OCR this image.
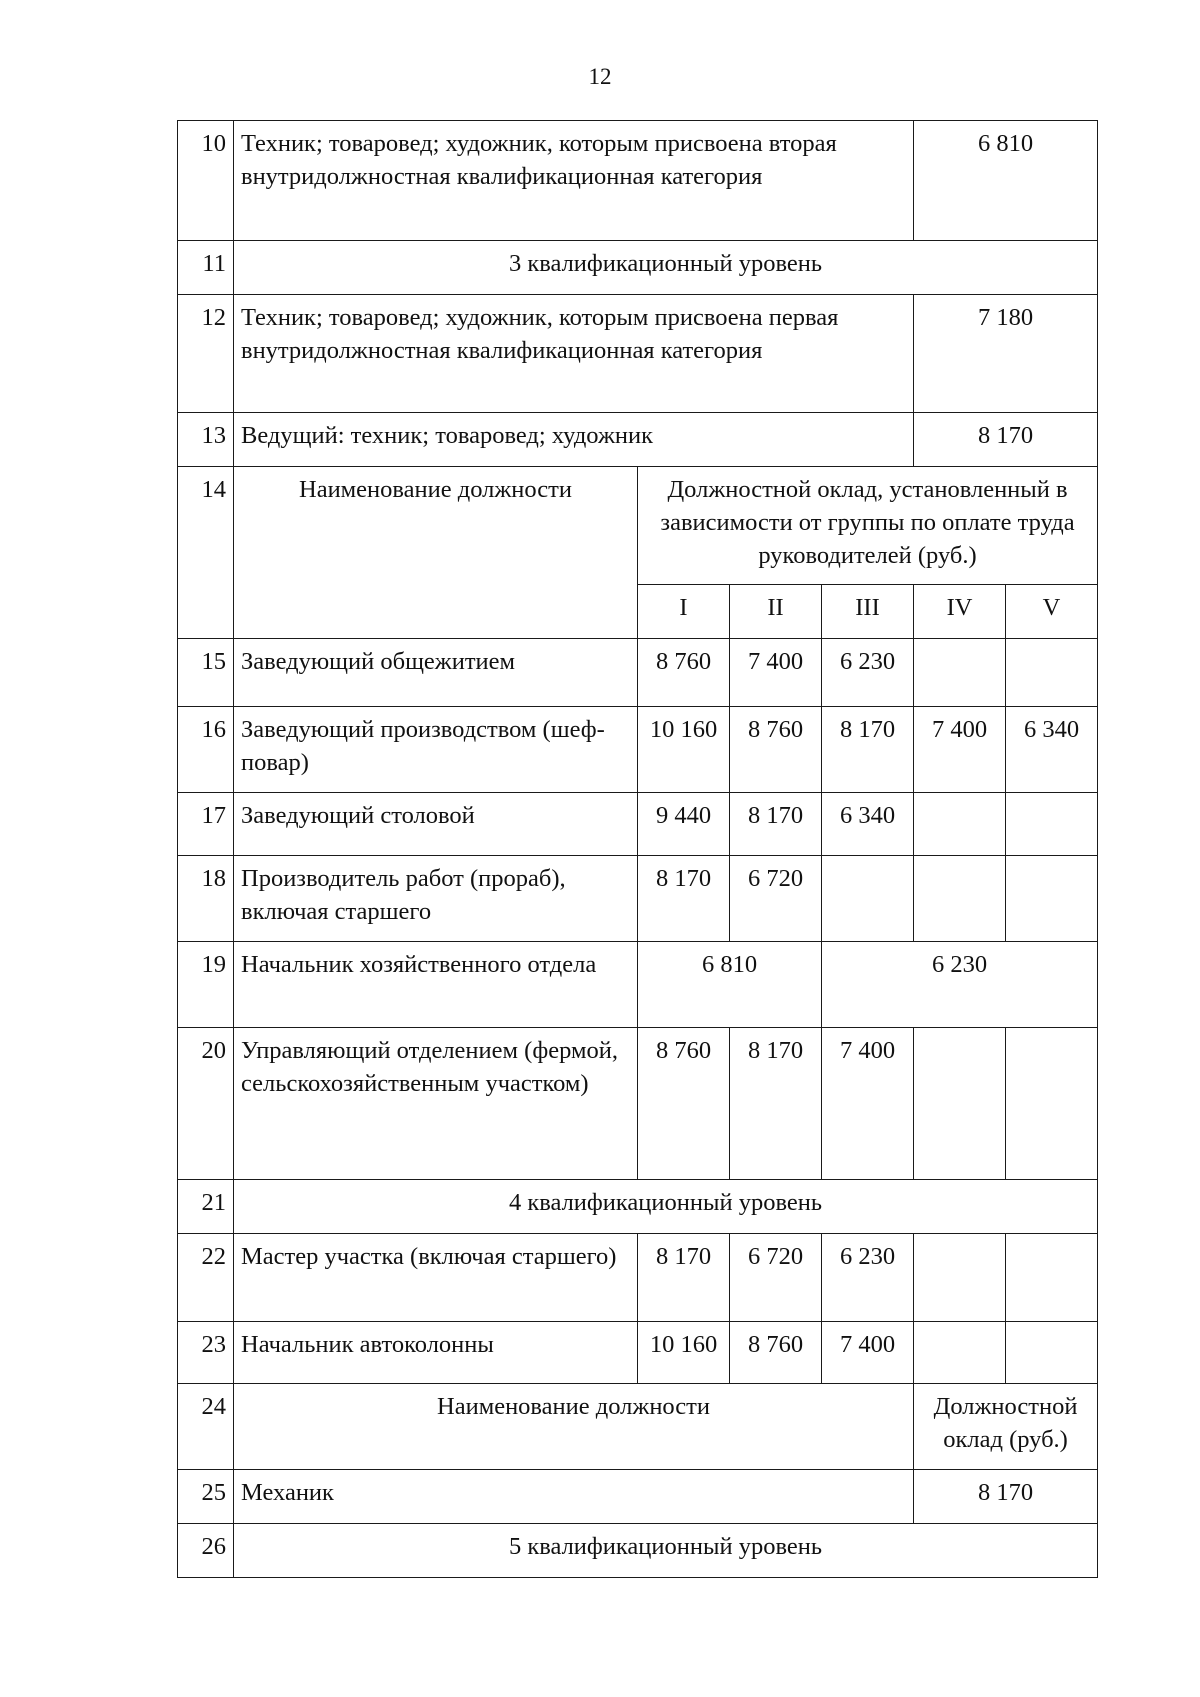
12
10	Техник; товаровед; художник, которым присвоена вторая внутридолжностная квалификационная категория				6 810	
11	3 квалификационный уровень					
12	Техник; товаровед; художник, которым присвоена первая внутридолжностная квалификационная категория				7 180	
13	Ведущий: техник; товаровед; художник				8 170	
14	Наименование должности	Должностной оклад, установленный в зависимости от группы по оплате труда руководителей (руб.)				
		I	II	III	IV	V
15	Заведующий общежитием	8 760	7 400	6 230		
16	Заведующий производством (шеф-повар)	10 160	8 760	8 170	7 400	6 340
17	Заведующий столовой	9 440	8 170	6 340		
18	Производитель работ (прораб), включая старшего	8 170	6 720			
19	Начальник хозяйственного отдела	6 810		6 230		
20	Управляющий отделением (фермой, сельскохозяйственным участком)	8 760	8 170	7 400		
21	4 квалификационный уровень					
22	Мастер участка (включая старшего)	8 170	6 720	6 230		
23	Начальник автоколонны	10 160	8 760	7 400		
24	Наименование должности				Должностной оклад (руб.)	
25	Механик				8 170	
26	5 квалификационный уровень					
